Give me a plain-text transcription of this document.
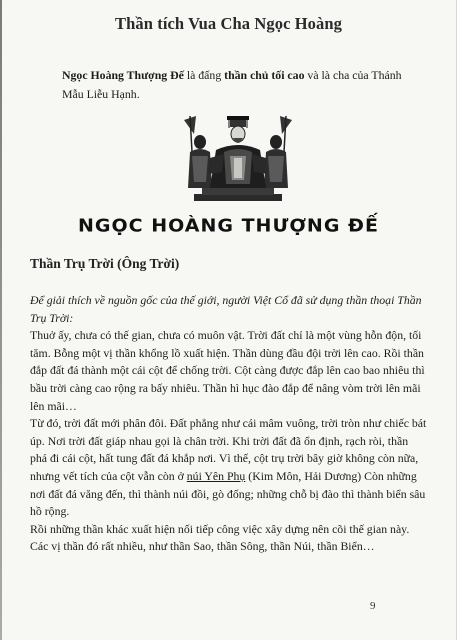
Thần tích Vua Cha Ngọc Hoàng
Ngọc Hoàng Thượng Đế là đấng thần chủ tối cao và là cha của Thánh Mẫu Liễu Hạnh.
NGỌC HOÀNG THƯỢNG ĐẾ
Thần Trụ Trời (Ông Trời)

Để giải thích về nguồn gốc của thế giới, người Việt Cổ đã sử dụng thần thoại Thần Trụ Trời:

Thuở ấy, chưa có thế gian, chưa có muôn vật. Trời đất chỉ là một vùng hỗn độn, tối tăm. Bỗng một vị thần khổng lồ xuất hiện. Thần dùng đầu đội trời lên cao. Rồi thần đắp đất đá thành một cái cột để chống trời. Cột càng được đắp lên cao bao nhiêu thì bầu trời càng cao rộng ra bấy nhiêu. Thần hì hục đào đắp để nâng vòm trời lên mãi lên mãi…

Từ đó, trời đất mới phân đôi. Đất phẳng như cái mâm vuông, trời tròn như chiếc bát úp. Nơi trời đất giáp nhau gọi là chân trời. Khi trời đất đã ổn định, rạch ròi, thần phá đi cái cột, hất tung đất đá khắp nơi. Vì thế, cột trụ trời bây giờ không còn nữa, nhưng vết tích của cột vẫn còn ở núi Yên Phụ (Kim Môn, Hải Dương) Còn những nơi đất đá văng đến, thì thành núi đồi, gò đống; những chỗ bị đào thì thành biển sâu hồ rộng.

Rồi những thần khác xuất hiện nối tiếp công việc xây dựng nên cõi thế gian này. Các vị thần đó rất nhiều, như thần Sao, thần Sông, thần Núi, thần Biển…

9
